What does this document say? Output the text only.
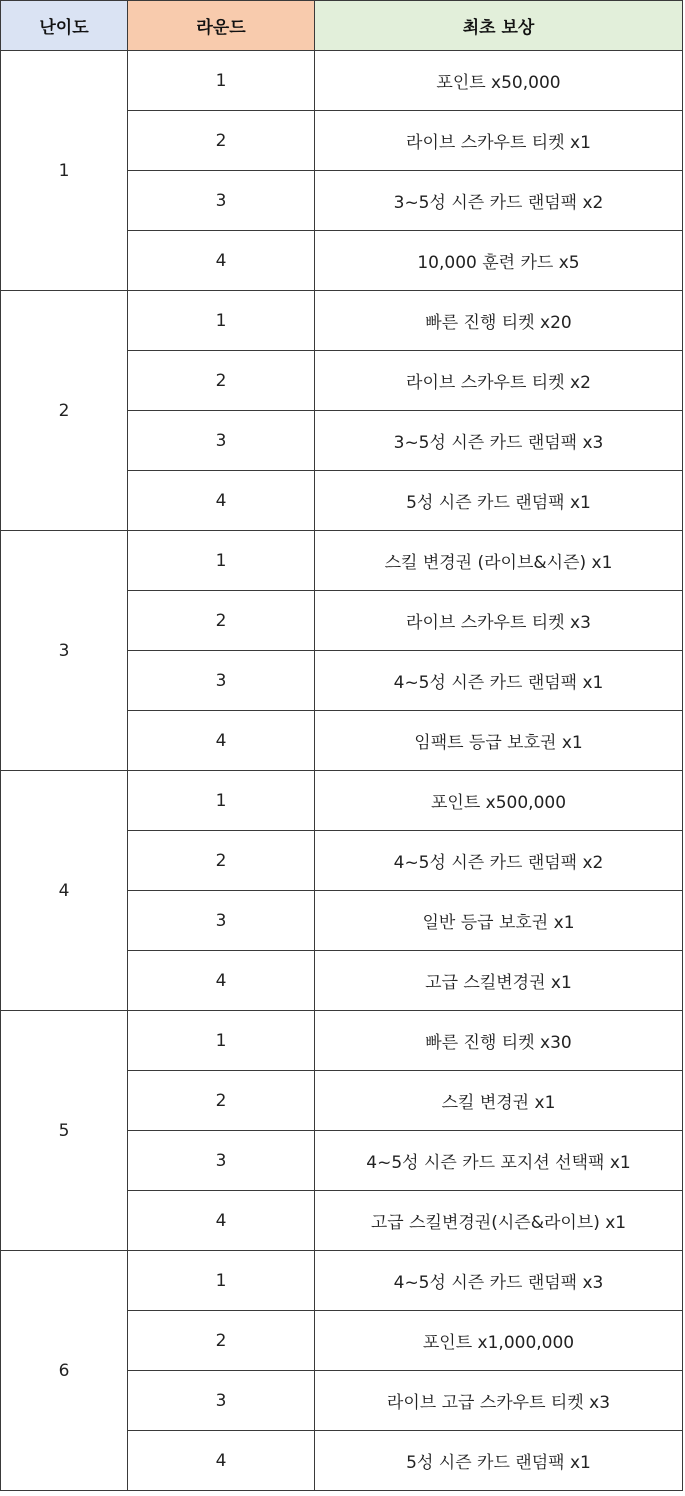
난이도	라운드	최초 보상
1	1	포인트 x50,000
	2	라이브 스카우트 티켓 x1
	3	3~5성 시즌 카드 랜덤팩 x2
	4	10,000 훈련 카드 x5
2	1	빠른 진행 티켓 x20
	2	라이브 스카우트 티켓 x2
	3	3~5성 시즌 카드 랜덤팩 x3
	4	5성 시즌 카드 랜덤팩 x1
3	1	스킬 변경권 (라이브&시즌) x1
	2	라이브 스카우트 티켓 x3
	3	4~5성 시즌 카드 랜덤팩 x1
	4	임팩트 등급 보호권 x1
4	1	포인트 x500,000
	2	4~5성 시즌 카드 랜덤팩 x2
	3	일반 등급 보호권 x1
	4	고급 스킬변경권 x1
5	1	빠른 진행 티켓 x30
	2	스킬 변경권 x1
	3	4~5성 시즌 카드 포지션 선택팩 x1
	4	고급 스킬변경권(시즌&라이브) x1
6	1	4~5성 시즌 카드 랜덤팩 x3
	2	포인트 x1,000,000
	3	라이브 고급 스카우트 티켓 x3
	4	5성 시즌 카드 랜덤팩 x1
